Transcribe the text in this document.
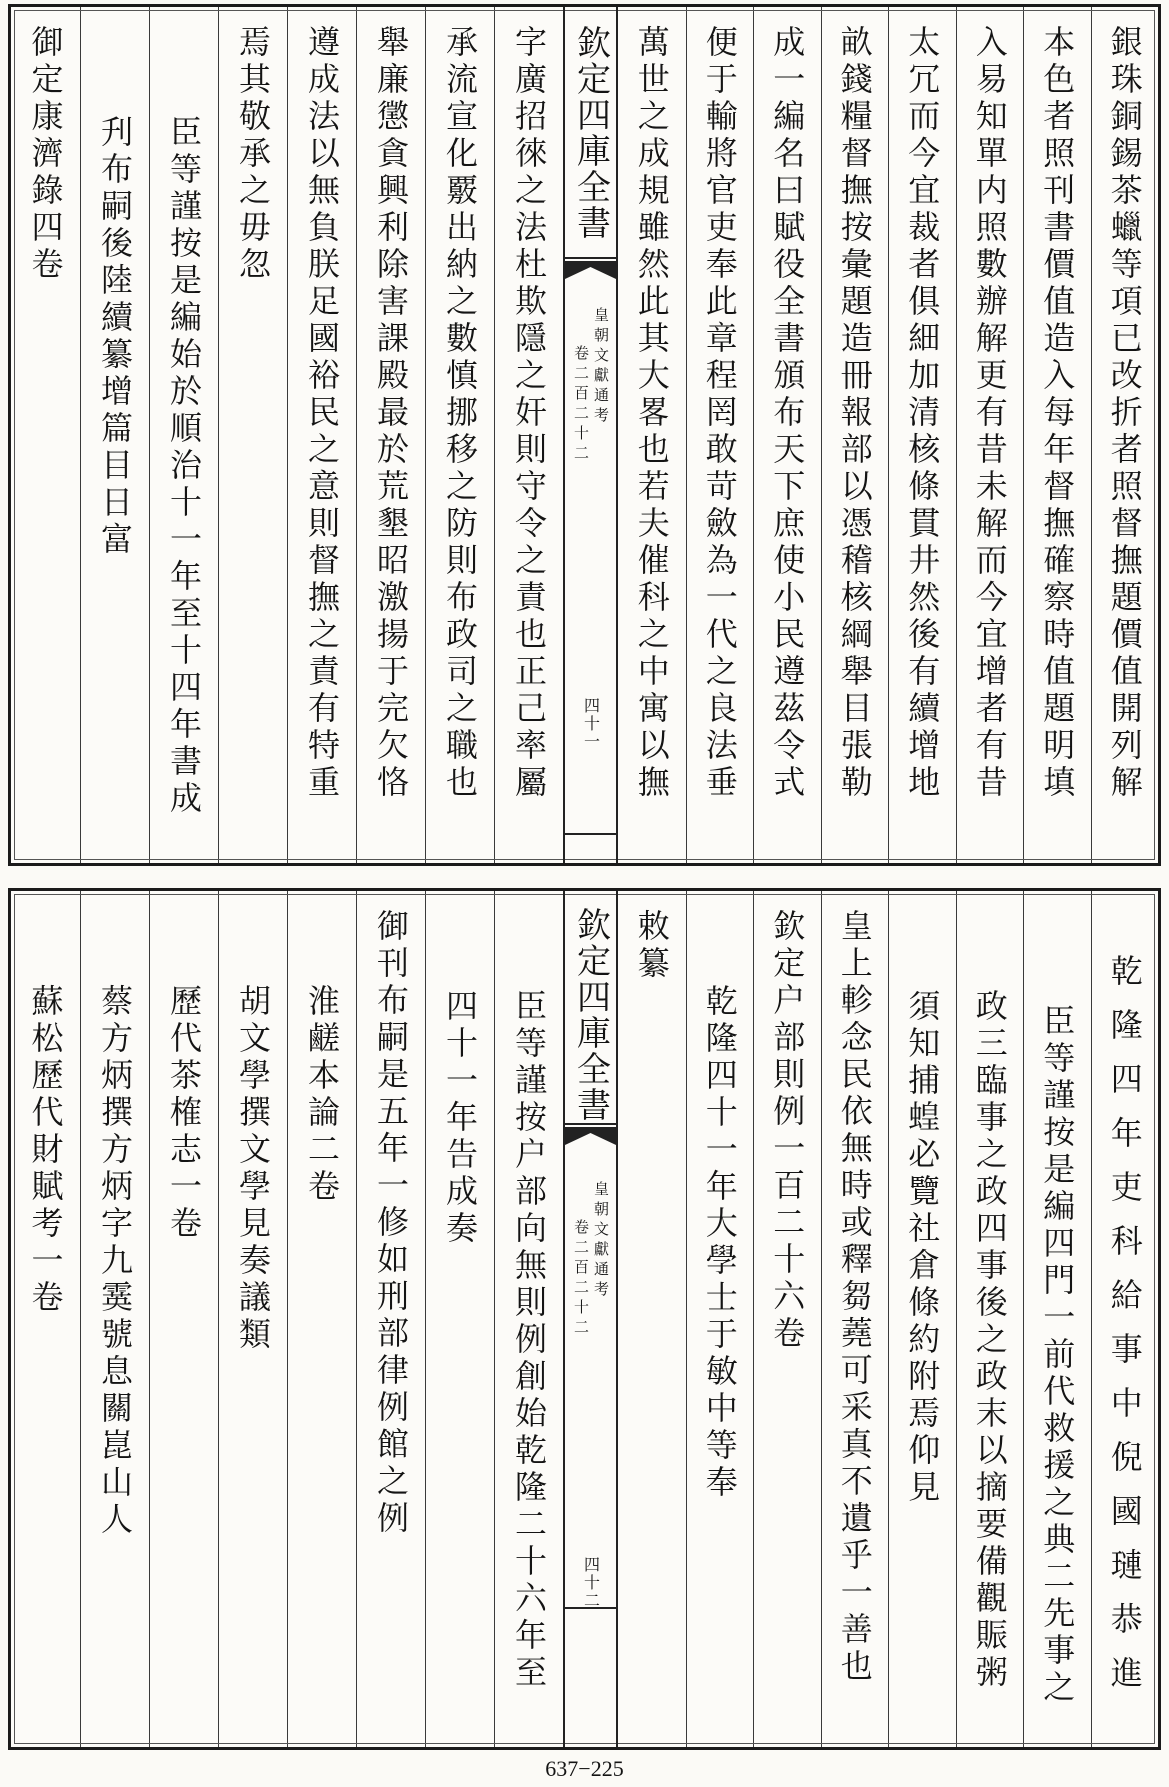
字廣招徠之法杜欺隱之奸則守令之責也正己率屬
承流宣化覈出納之數慎挪移之防則布政司之職也
舉廉懲貪興利除害課殿最於荒墾昭激揚于完欠恪
遵成法以無負朕足國裕民之意則督撫之責有特重
焉其敬承之毋忽
臣等謹按是編始於順治十一年至十四年書成
刋布嗣後陸續纂增篇目日富
御定康濟錄四卷	欽定四庫全書
皇朝文獻通考
卷二百二十二
四十一	銀珠銅錫茶蠟等項已改折者照督撫題價值開列解
本色者照刊書價值造入每年督撫確察時值題明填
入易知單内照數辦解更有昔未解而今宜增者有昔
太冗而今宜裁者俱細加清核條貫井然後有續增地
畝錢糧督撫按彙題造冊報部以憑稽核綱舉目張勒
成一編名曰賦役全書頒布天下庶使小民遵茲令式
便于輸將官吏奉此章程罔敢苛斂為一代之良法垂
萬世之成規雖然此其大畧也若夫催科之中寓以撫
臣等謹按户部向無則例創始乾隆二十六年至
四十一年告成奏
御刊布嗣是五年一修如刑部律例館之例
淮鹺本論二卷
胡文學撰文學見奏議類
歷代茶榷志一卷
蔡方炳撰方炳字九霙號息關崑山人
蘇松歷代財賦考一卷	欽定四庫全書
皇朝文獻通考
卷二百二十二
四十二	乾隆四年吏科給事中倪國璉恭進
臣等謹按是編四門一前代救援之典二先事之
政三臨事之政四事後之政末以摘要備觀賑粥
須知捕蝗必覽社倉條約附焉仰見
皇上軫念民依無時或釋芻蕘可采真不遺乎一善也
欽定户部則例一百二十六卷
乾隆四十一年大學士于敏中等奉
敕纂
637−225
